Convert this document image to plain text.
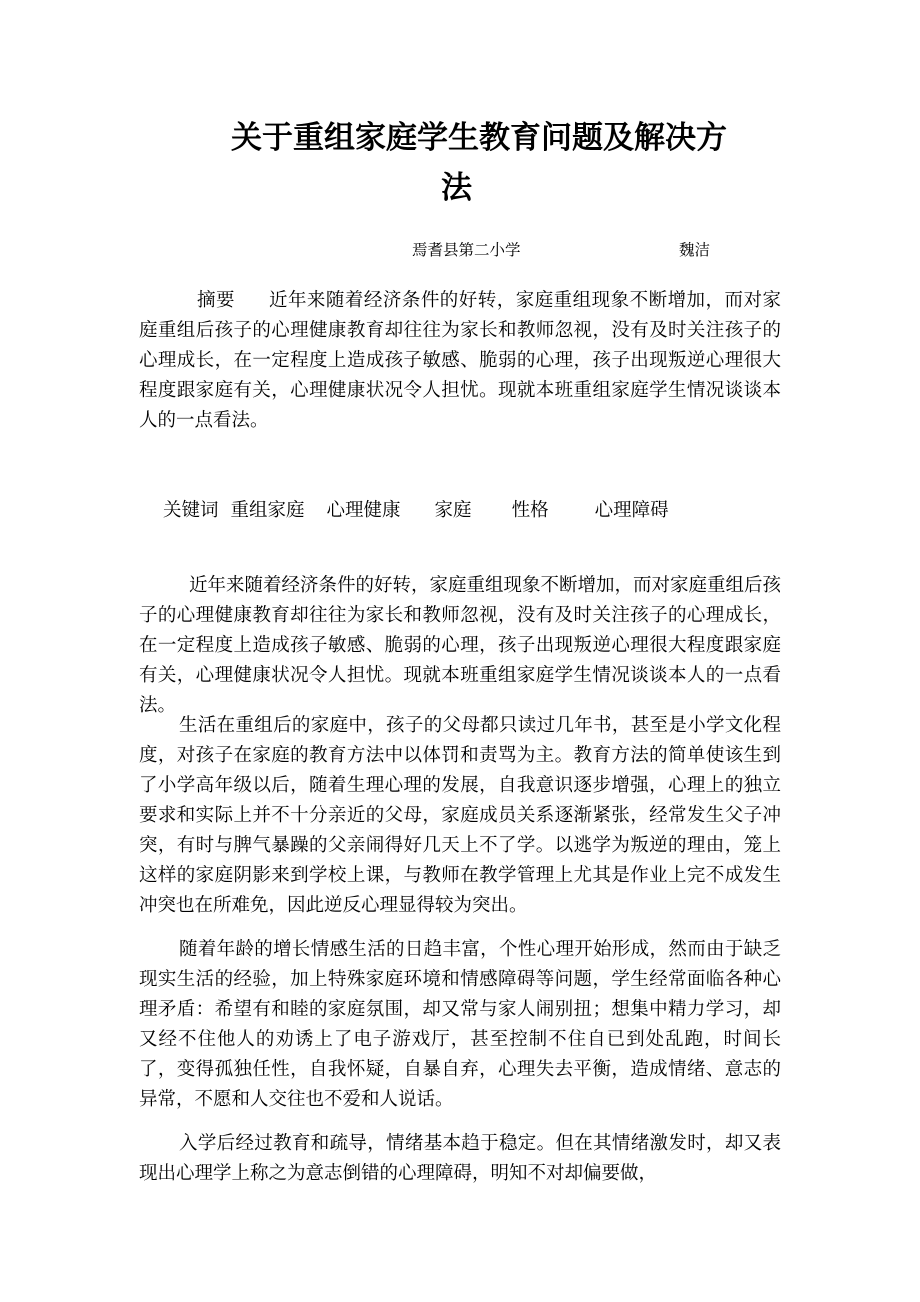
关于重组家庭学生教育问题及解决方
法
焉耆县第二小学	魏洁

摘要 近年来随着经济条件的好转，家庭重组现象不断增加，而对家庭重组后孩子的心理健康教育却往往为家长和教师忽视，没有及时关注孩子的心理成长，在一定程度上造成孩子敏感、脆弱的心理，孩子出现叛逆心理很大程度跟家庭有关，心理健康状况令人担忧。现就本班重组家庭学生情况谈谈本人的一点看法。

关键词 重组家庭 心理健康 家庭 性格 心理障碍

近年来随着经济条件的好转，家庭重组现象不断增加，而对家庭重组后孩子的心理健康教育却往往为家长和教师忽视，没有及时关注孩子的心理成长，在一定程度上造成孩子敏感、脆弱的心理，孩子出现叛逆心理很大程度跟家庭有关，心理健康状况令人担忧。现就本班重组家庭学生情况谈谈本人的一点看法。

生活在重组后的家庭中，孩子的父母都只读过几年书，甚至是小学文化程度，对孩子在家庭的教育方法中以体罚和责骂为主。教育方法的简单使该生到了小学高年级以后，随着生理心理的发展，自我意识逐步增强，心理上的独立要求和实际上并不十分亲近的父母，家庭成员关系逐渐紧张，经常发生父子冲突，有时与脾气暴躁的父亲闹得好几天上不了学。以逃学为叛逆的理由，笼上这样的家庭阴影来到学校上课，与教师在教学管理上尤其是作业上完不成发生冲突也在所难免，因此逆反心理显得较为突出。

随着年龄的增长情感生活的日趋丰富，个性心理开始形成，然而由于缺乏现实生活的经验，加上特殊家庭环境和情感障碍等问题，学生经常面临各种心理矛盾：希望有和睦的家庭氛围，却又常与家人闹别扭；想集中精力学习，却又经不住他人的劝诱上了电子游戏厅，甚至控制不住自已到处乱跑，时间长了，变得孤独任性，自我怀疑，自暴自弃，心理失去平衡，造成情绪、意志的异常，不愿和人交往也不爱和人说话。

入学后经过教育和疏导，情绪基本趋于稳定。但在其情绪激发时，却又表现出心理学上称之为意志倒错的心理障碍，明知不对却偏要做，
